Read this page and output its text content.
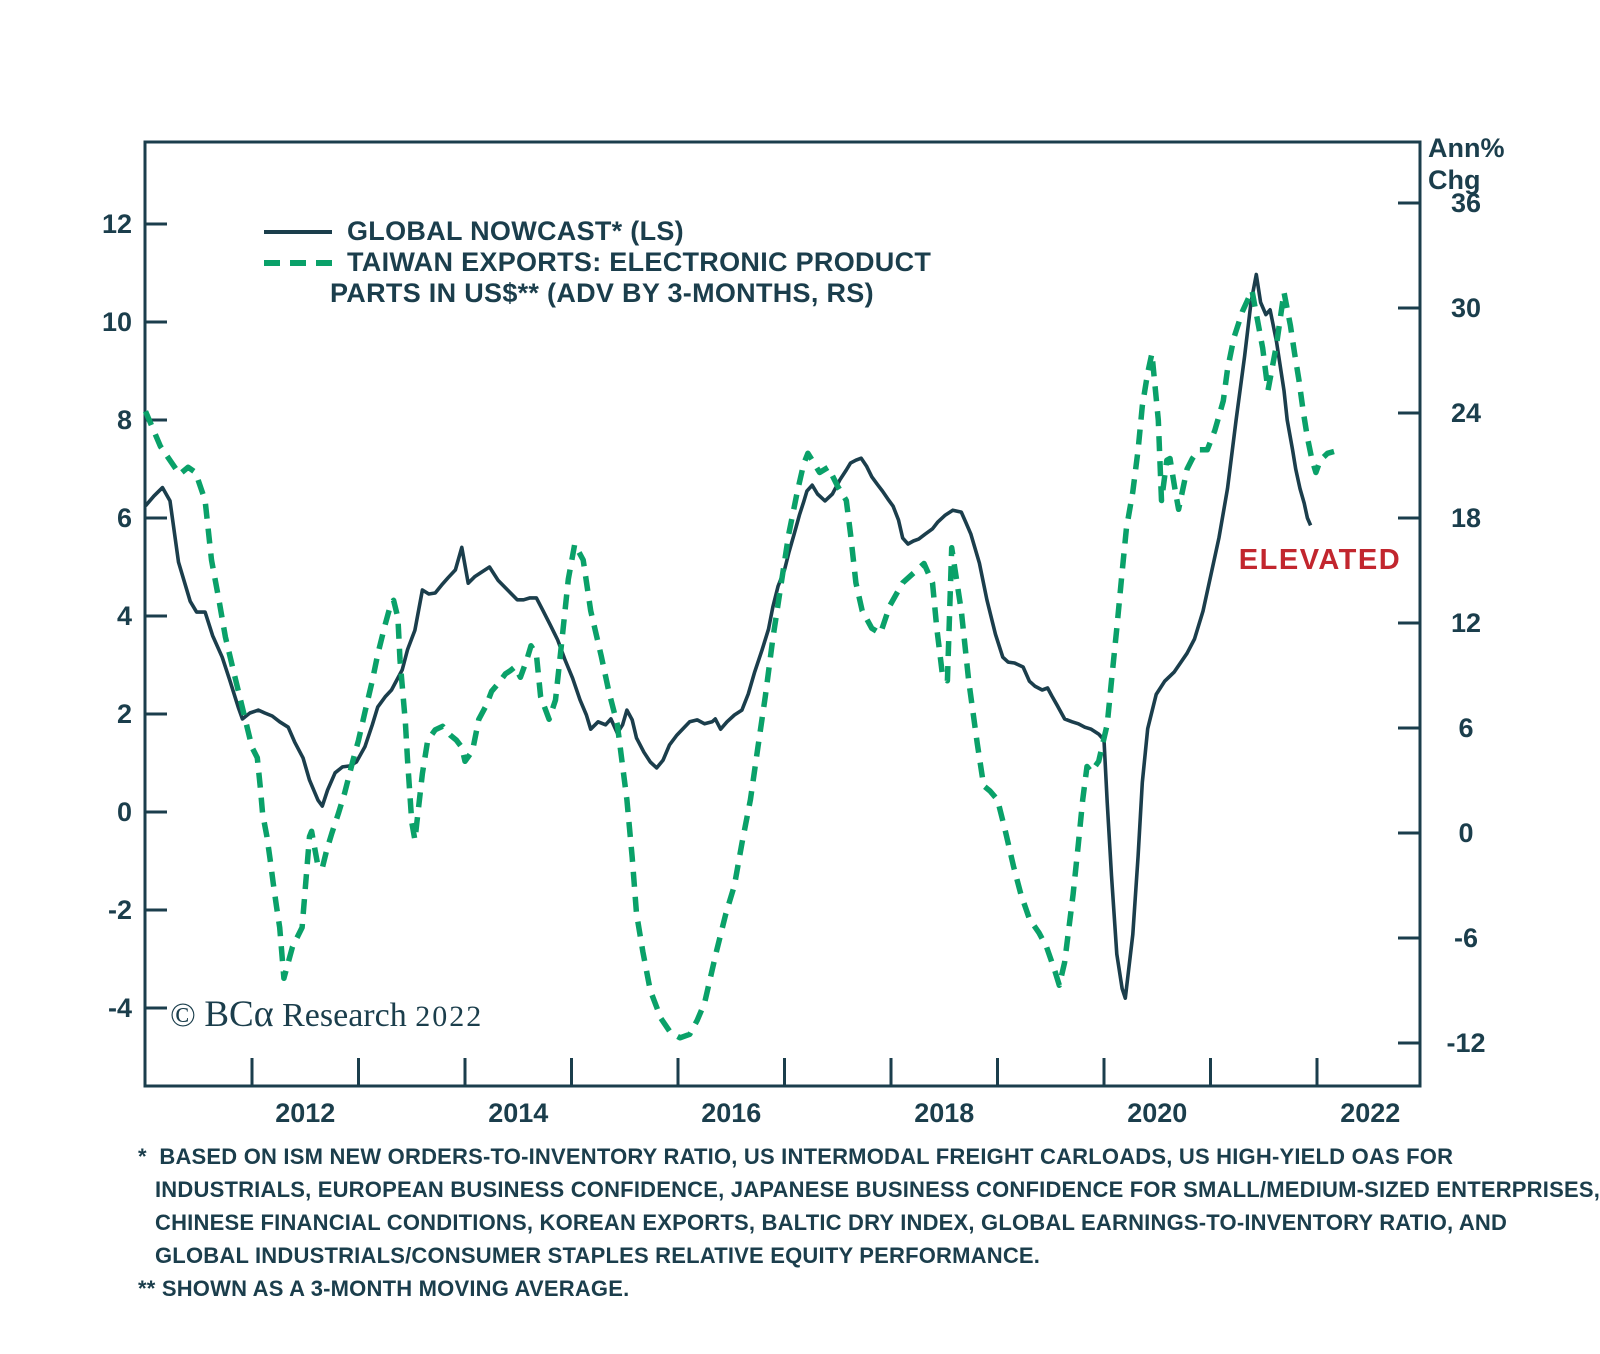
12
10
8
6
4
2
0
-2
-4
36
30
24
18
12
6
0
-6
-12
2012	2014	2016	2018	2020	2022
Ann%
Chg
GLOBAL NOWCAST* (LS)
TAIWAN EXPORTS: ELECTRONIC PRODUCT
PARTS IN US$** (ADV BY 3-MONTHS, RS)
ELEVATED
© BCα Research 2022
*  BASED ON ISM NEW ORDERS-TO-INVENTORY RATIO, US INTERMODAL FREIGHT CARLOADS, US HIGH-YIELD OAS FOR
INDUSTRIALS, EUROPEAN BUSINESS CONFIDENCE, JAPANESE BUSINESS CONFIDENCE FOR SMALL/MEDIUM-SIZED ENTERPRISES,
CHINESE FINANCIAL CONDITIONS, KOREAN EXPORTS, BALTIC DRY INDEX, GLOBAL EARNINGS-TO-INVENTORY RATIO, AND
GLOBAL INDUSTRIALS/CONSUMER STAPLES RELATIVE EQUITY PERFORMANCE.
** SHOWN AS A 3-MONTH MOVING AVERAGE.
